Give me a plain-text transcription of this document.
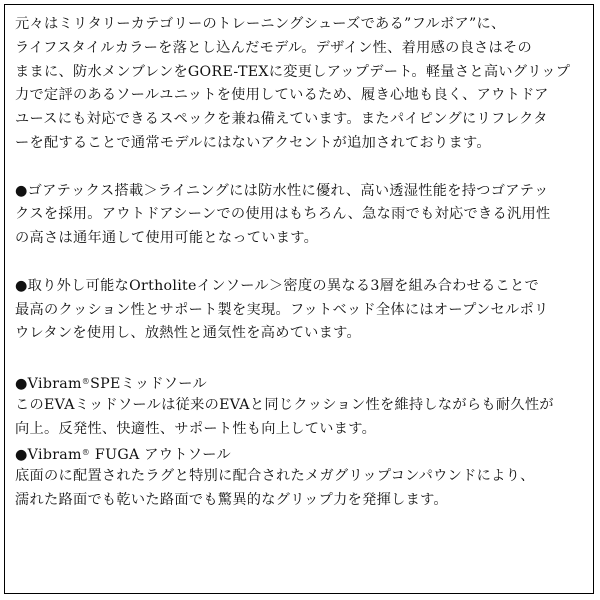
元々はミリタリーカテゴリーのトレーニングシューズである”フルボア”に、
ライフスタイルカラーを落とし込んだモデル。デザイン性、着用感の良さはその
ままに、防水メンブレンをGORE-TEXに変更しアップデート。軽量さと高いグリップ
力で定評のあるソールユニットを使用しているため、履き心地も良く、アウトドア
ユースにも対応できるスペックを兼ね備えています。またパイピングにリフレクタ
ーを配することで通常モデルにはないアクセントが追加されております。
●ゴアテックス搭載＞ライニングには防水性に優れ、高い透湿性能を持つゴアテッ
クスを採用。アウトドアシーンでの使用はもちろん、急な雨でも対応できる汎用性
の高さは通年通して使用可能となっています。
●取り外し可能なOrtholiteインソール＞密度の異なる3層を組み合わせることで
最高のクッション性とサポート製を実現。フットベッド全体にはオープンセルポリ
ウレタンを使用し、放熱性と通気性を高めています。
●Vibram®SPEミッドソール
このEVAミッドソールは従来のEVAと同じクッション性を維持しながらも耐久性が
向上。反発性、快適性、サポート性も向上しています。
●Vibram® FUGA アウトソール
底面のに配置されたラグと特別に配合されたメガグリップコンパウンドにより、
濡れた路面でも乾いた路面でも驚異的なグリップ力を発揮します。
